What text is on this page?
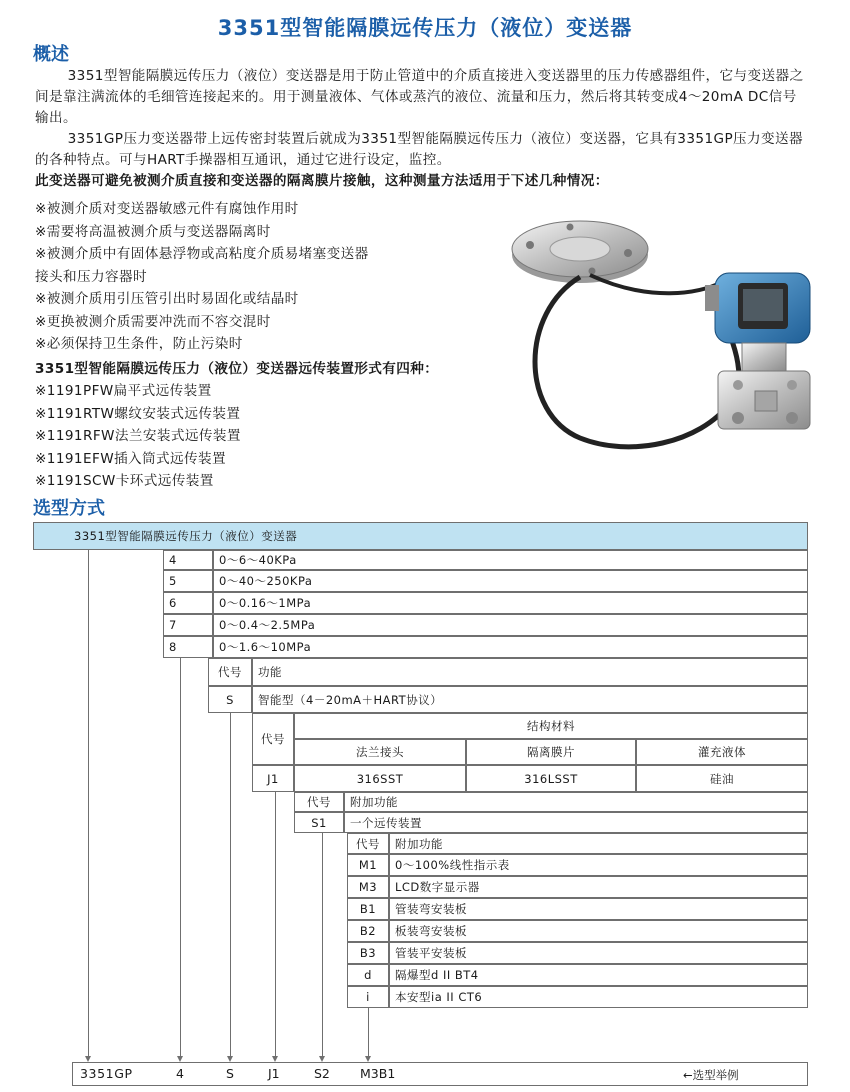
3351型智能隔膜远传压力（液位）变送器
概述

3351型智能隔膜远传压力（液位）变送器是用于防止管道中的介质直接进入变送器里的压力传感器组件，它与变送器之间是靠注满流体的毛细管连接起来的。用于测量液体、气体或蒸汽的液位、流量和压力，然后将其转变成4～20mA DC信号输出。

3351GP压力变送器带上远传密封装置后就成为3351型智能隔膜远传压力（液位）变送器，它具有3351GP压力变送器的各种特点。可与HART手操器相互通讯，通过它进行设定，监控。

此变送器可避免被测介质直接和变送器的隔离膜片接触，这种测量方法适用于下述几种情况：

※被测介质对变送器敏感元件有腐蚀作用时
※需要将高温被测介质与变送器隔离时
※被测介质中有固体悬浮物或高粘度介质易堵塞变送器
接头和压力容器时
※被测介质用引压管引出时易固化或结晶时
※更换被测介质需要冲洗而不容交混时
※必须保持卫生条件，防止污染时
3351型智能隔膜远传压力（液位）变送器远传装置形式有四种：
※1191PFW扁平式远传装置
※1191RTW螺纹安装式远传装置
※1191RFW法兰安装式远传装置
※1191EFW插入筒式远传装置
※1191SCW卡环式远传装置
选型方式
3351型智能隔膜远传压力（液位）变送器
4	0～6～40KPa
5	0～40～250KPa
6	0～0.16～1MPa
7	0～0.4～2.5MPa
8	0～1.6～10MPa
代号	功能
S	智能型（4－20mA＋HART协议）
代号
结构材料
法兰接头	隔离膜片	灌充液体
J1	316SST	316LSST	硅油
代号	附加功能
S1	一个远传装置
代号	附加功能
M1	0～100%线性指示表
M3	LCD数字显示器
B1	管装弯安装板
B2	板装弯安装板
B3	管装平安装板
d	隔爆型d II BT4
i	本安型ia II CT6
3351GP	4	S	J1	S2 M3B1	←选型举例
